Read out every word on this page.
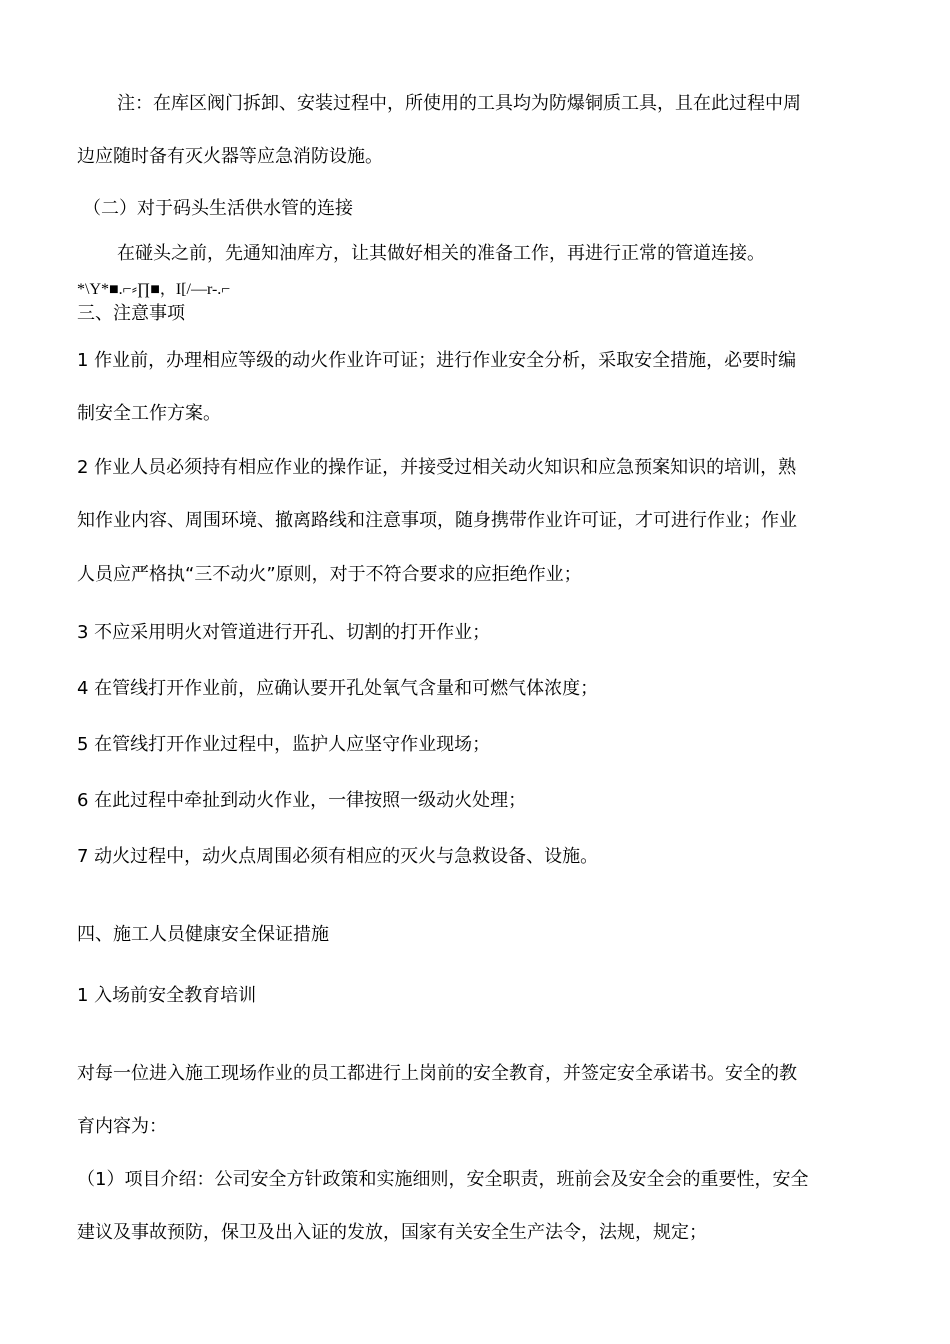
注：在库区阀门拆卸、安装过程中，所使用的工具均为防爆铜质工具，且在此过程中周
边应随时备有灭火器等应急消防设施。
（二）对于码头生活供水管的连接
在碰头之前，先通知油库方，让其做好相关的准备工作，再进行正常的管道连接。
*\Y*■.⌐⸗∏■，I[/—r-.⌐
三、注意事项
1 作业前，办理相应等级的动火作业许可证；进行作业安全分析，采取安全措施，必要时编
制安全工作方案。
2 作业人员必须持有相应作业的操作证，并接受过相关动火知识和应急预案知识的培训，熟
知作业内容、周围环境、撤离路线和注意事项，随身携带作业许可证，才可进行作业；作业
人员应严格执“三不动火”原则，对于不符合要求的应拒绝作业；
3 不应采用明火对管道进行开孔、切割的打开作业；
4 在管线打开作业前，应确认要开孔处氧气含量和可燃气体浓度；
5 在管线打开作业过程中，监护人应坚守作业现场；
6 在此过程中牵扯到动火作业，一律按照一级动火处理；
7 动火过程中，动火点周围必须有相应的灭火与急救设备、设施。
四、施工人员健康安全保证措施
1 入场前安全教育培训
对每一位进入施工现场作业的员工都进行上岗前的安全教育，并签定安全承诺书。安全的教
育内容为：
（1）项目介绍：公司安全方针政策和实施细则，安全职责，班前会及安全会的重要性，安全
建议及事故预防，保卫及出入证的发放，国家有关安全生产法令，法规，规定；
